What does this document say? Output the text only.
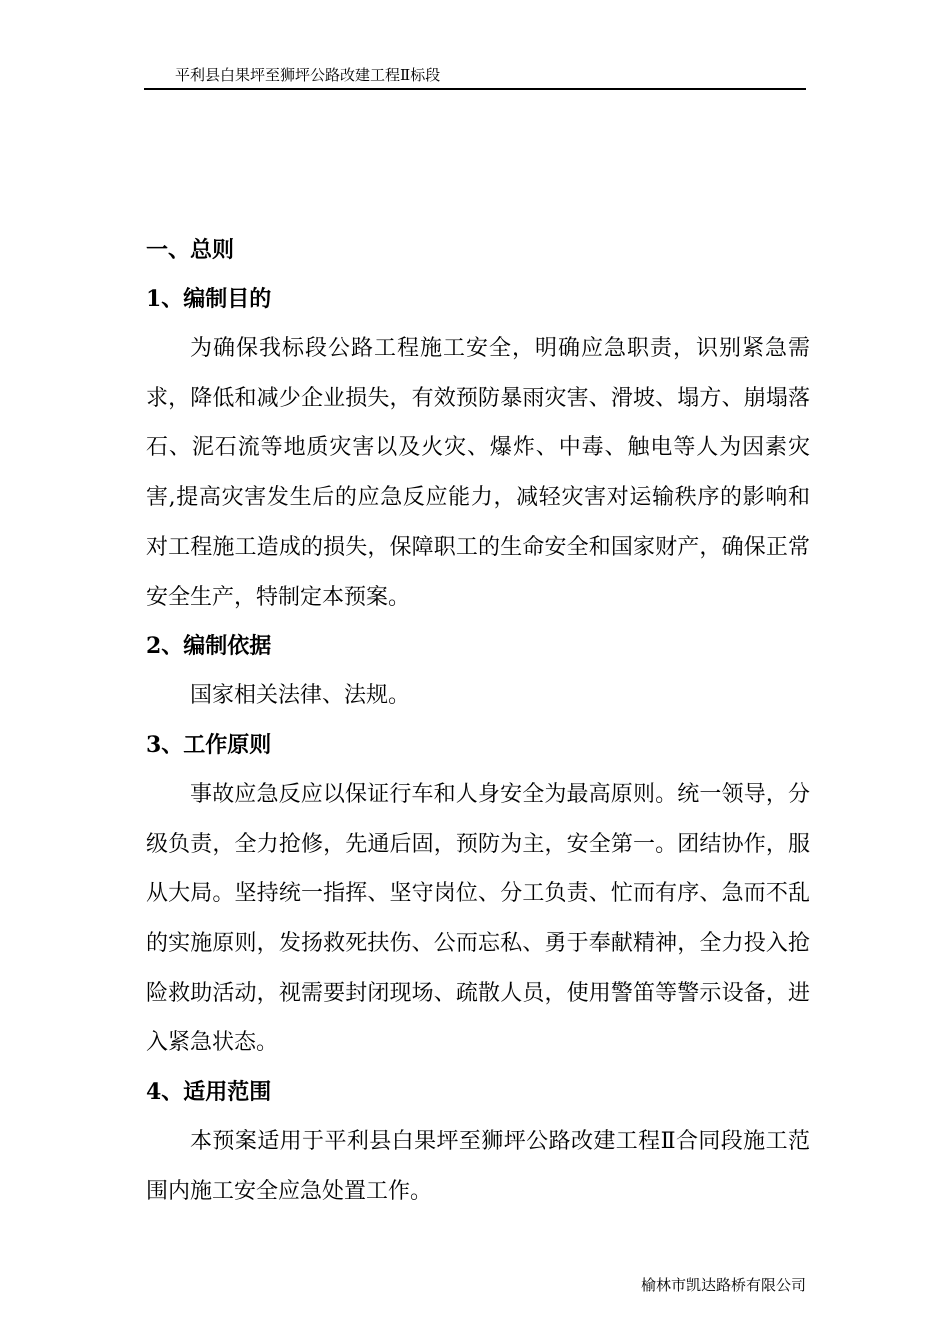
平利县白果坪至狮坪公路改建工程Ⅱ标段
一、总则
1、编制目的

为确保我标段公路工程施工安全，明确应急职责，识别紧急需求，降低和减少企业损失，有效预防暴雨灾害、滑坡、塌方、崩塌落石、泥石流等地质灾害以及火灾、爆炸、中毒、触电等人为因素灾害,提高灾害发生后的应急反应能力，减轻灾害对运输秩序的影响和对工程施工造成的损失，保障职工的生命安全和国家财产，确保正常安全生产，特制定本预案。

2、编制依据

国家相关法律、法规。

3、工作原则

事故应急反应以保证行车和人身安全为最高原则。统一领导，分级负责，全力抢修，先通后固，预防为主，安全第一。团结协作，服从大局。坚持统一指挥、坚守岗位、分工负责、忙而有序、急而不乱的实施原则，发扬救死扶伤、公而忘私、勇于奉献精神，全力投入抢险救助活动，视需要封闭现场、疏散人员，使用警笛等警示设备，进入紧急状态。

4、适用范围

本预案适用于平利县白果坪至狮坪公路改建工程Ⅱ合同段施工范围内施工安全应急处置工作。

榆林市凯达路桥有限公司
